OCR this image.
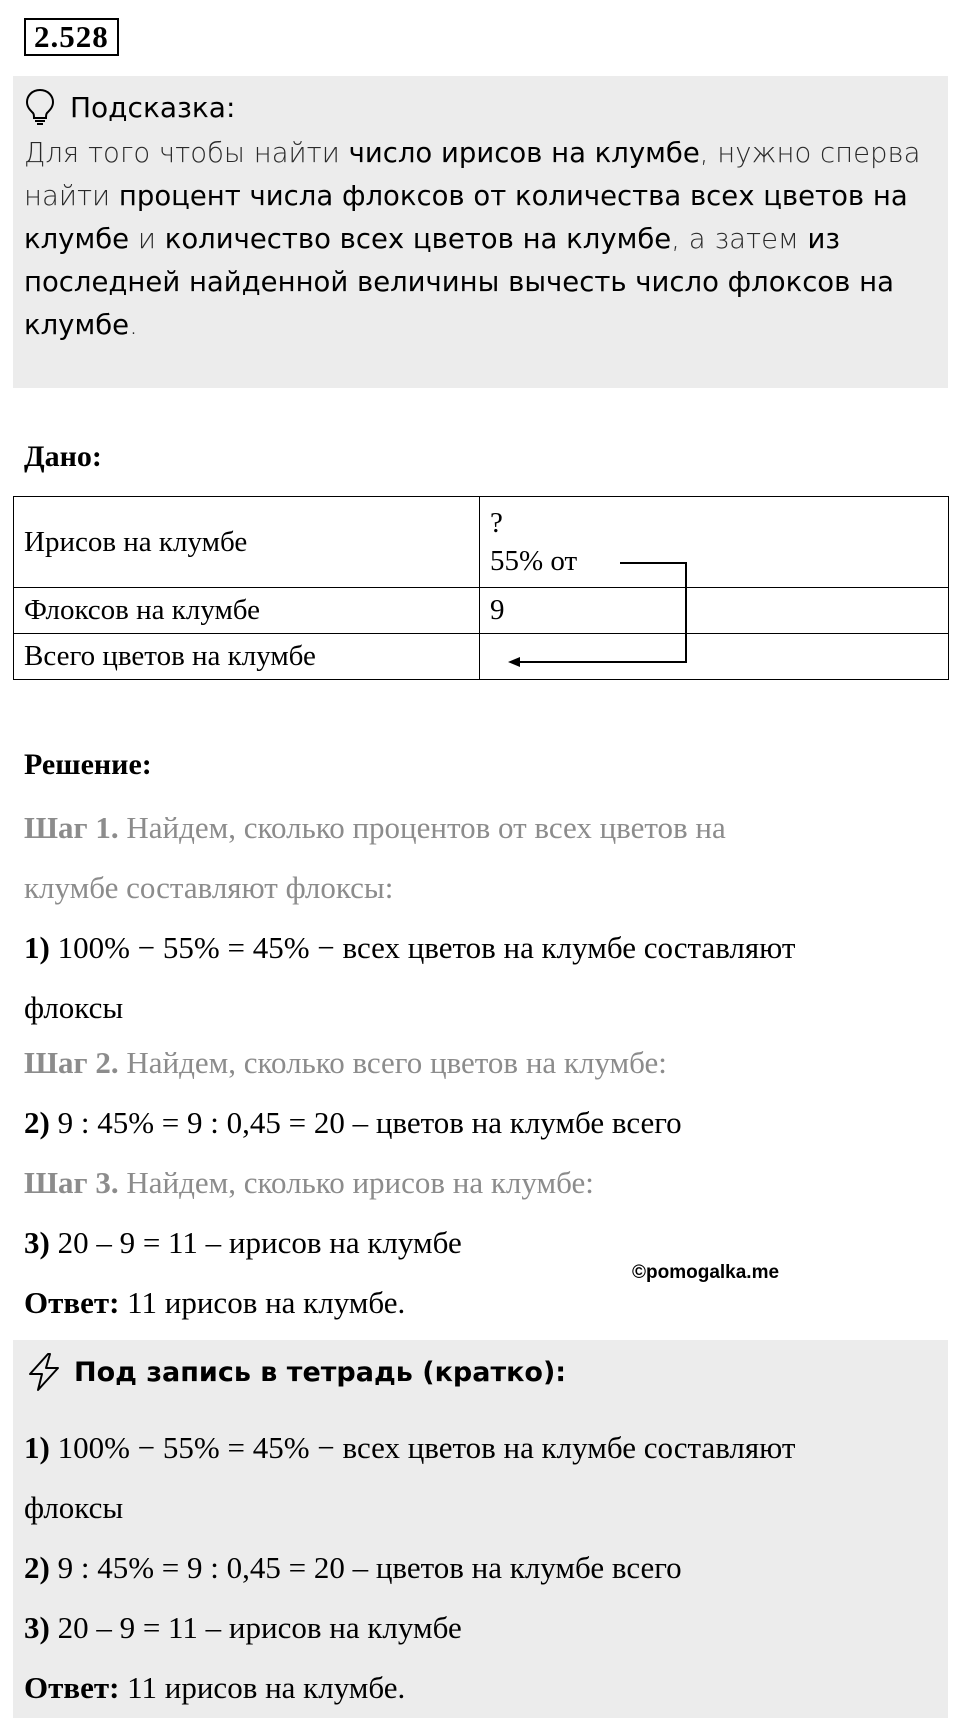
2.528
Подсказка:
Для того чтобы найти число ирисов на клумбе, нужно сперва найти процент числа флоксов от количества всех цветов на клумбе и количество всех цветов на клумбе, а затем из последней найденной величины вычесть число флоксов на клумбе.
Дано:
Ирисов на клумбе	?
55% от

Флоксов на клумбе	9
Всего цветов на клумбе	
Решение:
Шаг 1. Найдем, сколько процентов от всех цветов на
клумбе составляют флоксы:
1) 100% − 55% = 45% − всех цветов на клумбе составляют
флоксы
Шаг 2. Найдем, сколько всего цветов на клумбе:
2) 9 : 45% = 9 : 0,45 = 20 – цветов на клумбе всего
Шаг 3. Найдем, сколько ирисов на клумбе:
3) 20 – 9 = 11 – ирисов на клумбе
©pomogalka.me
Ответ: 11 ирисов на клумбе.
Под запись в тетрадь (кратко):
1) 100% − 55% = 45% − всех цветов на клумбе составляют
флоксы
2) 9 : 45% = 9 : 0,45 = 20 – цветов на клумбе всего
3) 20 – 9 = 11 – ирисов на клумбе
Ответ: 11 ирисов на клумбе.
